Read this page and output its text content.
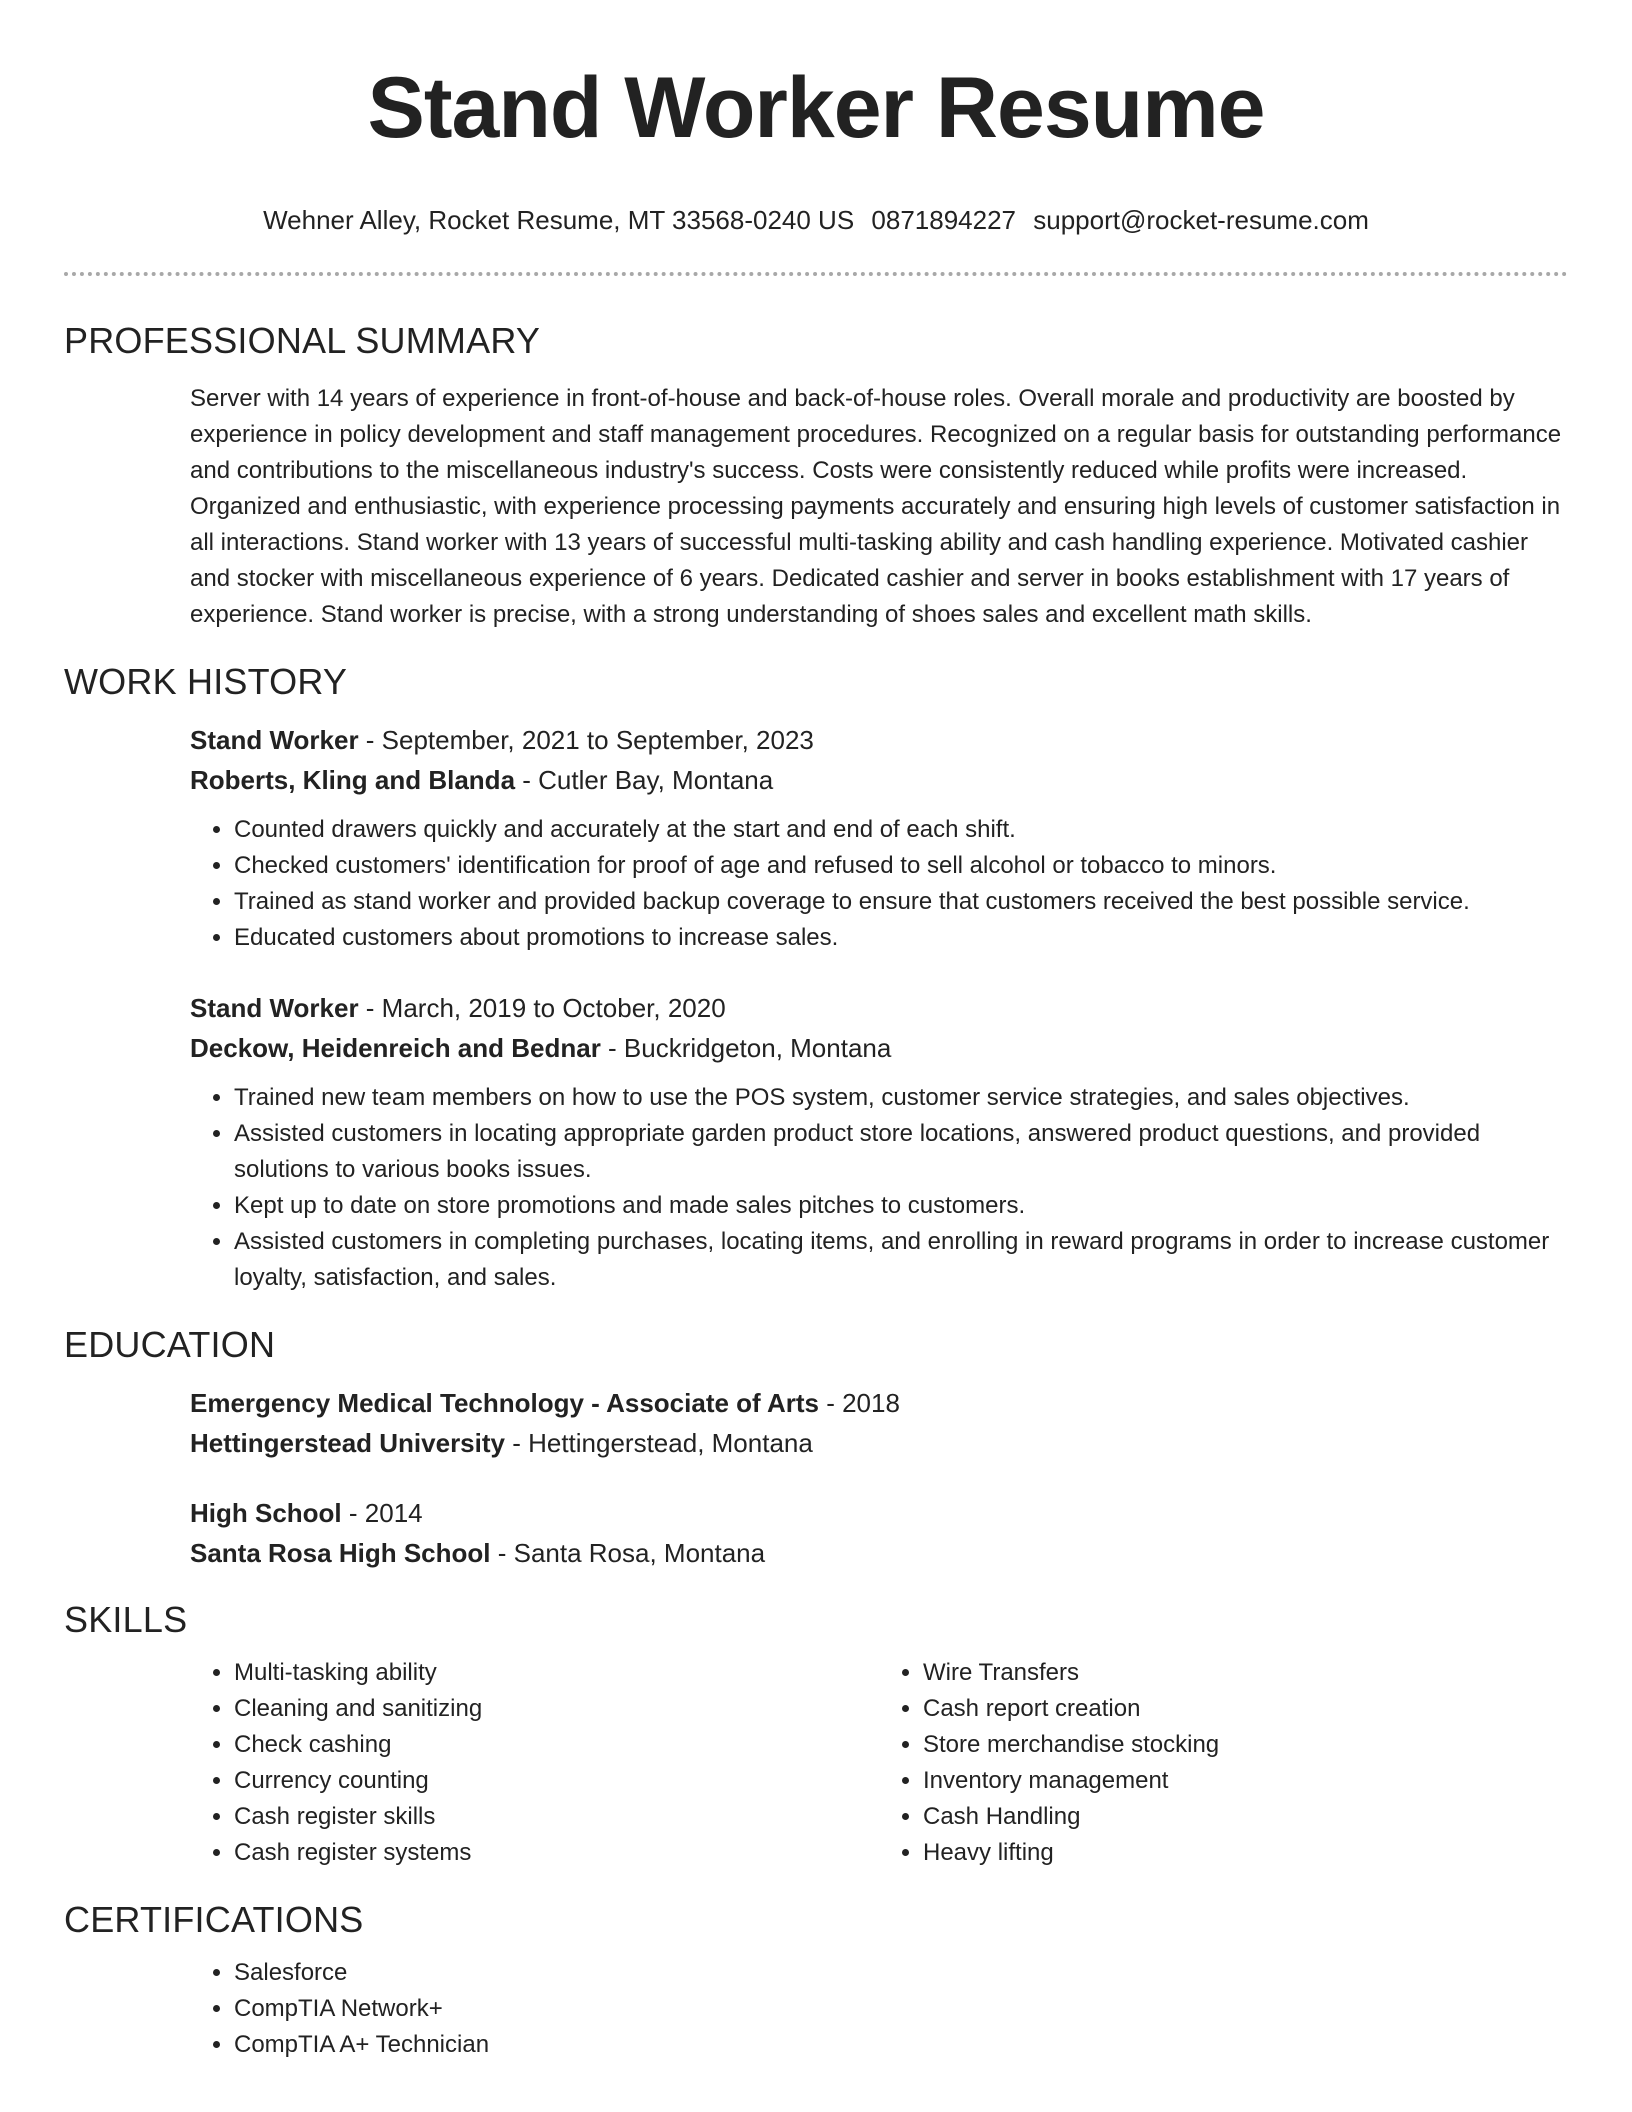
Stand Worker Resume
Wehner Alley, Rocket Resume, MT 33568-0240 US 0871894227 support@rocket-resume.com
PROFESSIONAL SUMMARY

Server with 14 years of experience in front-of-house and back-of-house roles. Overall morale and productivity are boosted by experience in policy development and staff management procedures. Recognized on a regular basis for outstanding performance and contributions to the miscellaneous industry's success. Costs were consistently reduced while profits were increased. Organized and enthusiastic, with experience processing payments accurately and ensuring high levels of customer satisfaction in all interactions. Stand worker with 13 years of successful multi-tasking ability and cash handling experience. Motivated cashier and stocker with miscellaneous experience of 6 years. Dedicated cashier and server in books establishment with 17 years of experience. Stand worker is precise, with a strong understanding of shoes sales and excellent math skills.

WORK HISTORY
Stand Worker - September, 2021 to September, 2023
Roberts, Kling and Blanda - Cutler Bay, Montana
• Counted drawers quickly and accurately at the start and end of each shift.
• Checked customers' identification for proof of age and refused to sell alcohol or tobacco to minors.
• Trained as stand worker and provided backup coverage to ensure that customers received the best possible service.
• Educated customers about promotions to increase sales.
Stand Worker - March, 2019 to October, 2020
Deckow, Heidenreich and Bednar - Buckridgeton, Montana
• Trained new team members on how to use the POS system, customer service strategies, and sales objectives.
• Assisted customers in locating appropriate garden product store locations, answered product questions, and provided solutions to various books issues.
• Kept up to date on store promotions and made sales pitches to customers.
• Assisted customers in completing purchases, locating items, and enrolling in reward programs in order to increase customer loyalty, satisfaction, and sales.
EDUCATION
Emergency Medical Technology - Associate of Arts - 2018
Hettingerstead University - Hettingerstead, Montana
High School - 2014
Santa Rosa High School - Santa Rosa, Montana
SKILLS
• Multi-tasking ability
• Cleaning and sanitizing
• Check cashing
• Currency counting
• Cash register skills
• Cash register systems
• Wire Transfers
• Cash report creation
• Store merchandise stocking
• Inventory management
• Cash Handling
• Heavy lifting
CERTIFICATIONS
• Salesforce
• CompTIA Network+
• CompTIA A+ Technician
